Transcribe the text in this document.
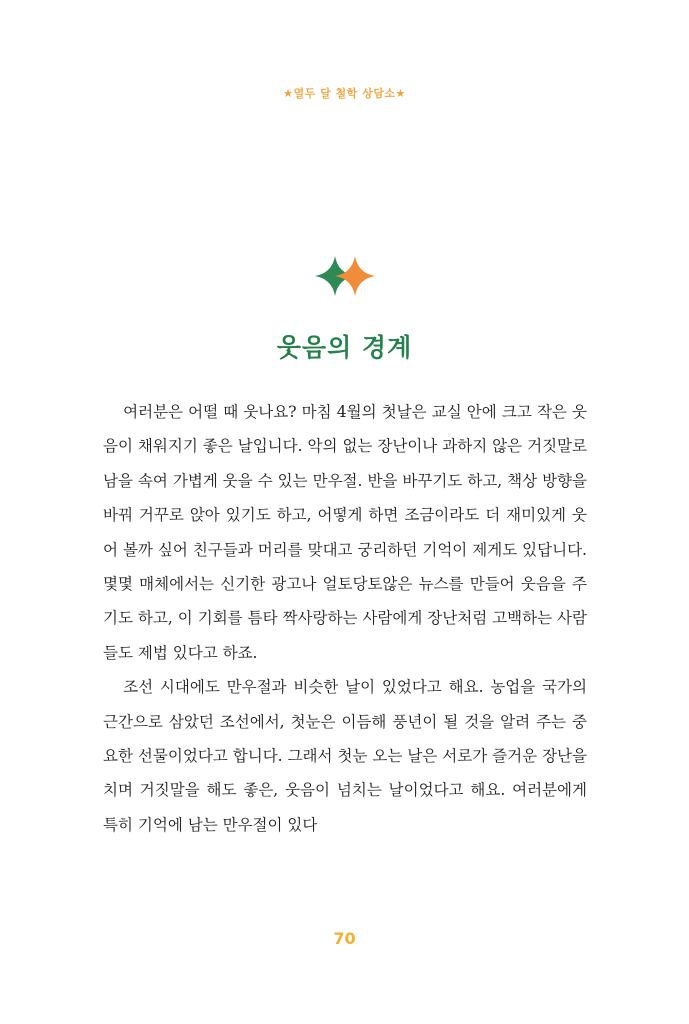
★열두 달 철학 상담소★
웃음의 경계

여러분은 어떨 때 웃나요? 마침 4월의 첫날은 교실 안에 크고 작은 웃음이 채워지기 좋은 날입니다. 악의 없는 장난이나 과하지 않은 거짓말로 남을 속여 가볍게 웃을 수 있는 만우절. 반을 바꾸기도 하고, 책상 방향을 바꿔 거꾸로 앉아 있기도 하고, 어떻게 하면 조금이라도 더 재미있게 웃어 볼까 싶어 친구들과 머리를 맞대고 궁리하던 기억이 제게도 있답니다. 몇몇 매체에서는 신기한 광고나 얼토당토않은 뉴스를 만들어 웃음을 주기도 하고, 이 기회를 틈타 짝사랑하는 사람에게 장난처럼 고백하는 사람들도 제법 있다고 하죠.

조선 시대에도 만우절과 비슷한 날이 있었다고 해요. 농업을 국가의 근간으로 삼았던 조선에서, 첫눈은 이듬해 풍년이 될 것을 알려 주는 중요한 선물이었다고 합니다. 그래서 첫눈 오는 날은 서로가 즐거운 장난을 치며 거짓말을 해도 좋은, 웃음이 넘치는 날이었다고 해요. 여러분에게 특히 기억에 남는 만우절이 있다

70
